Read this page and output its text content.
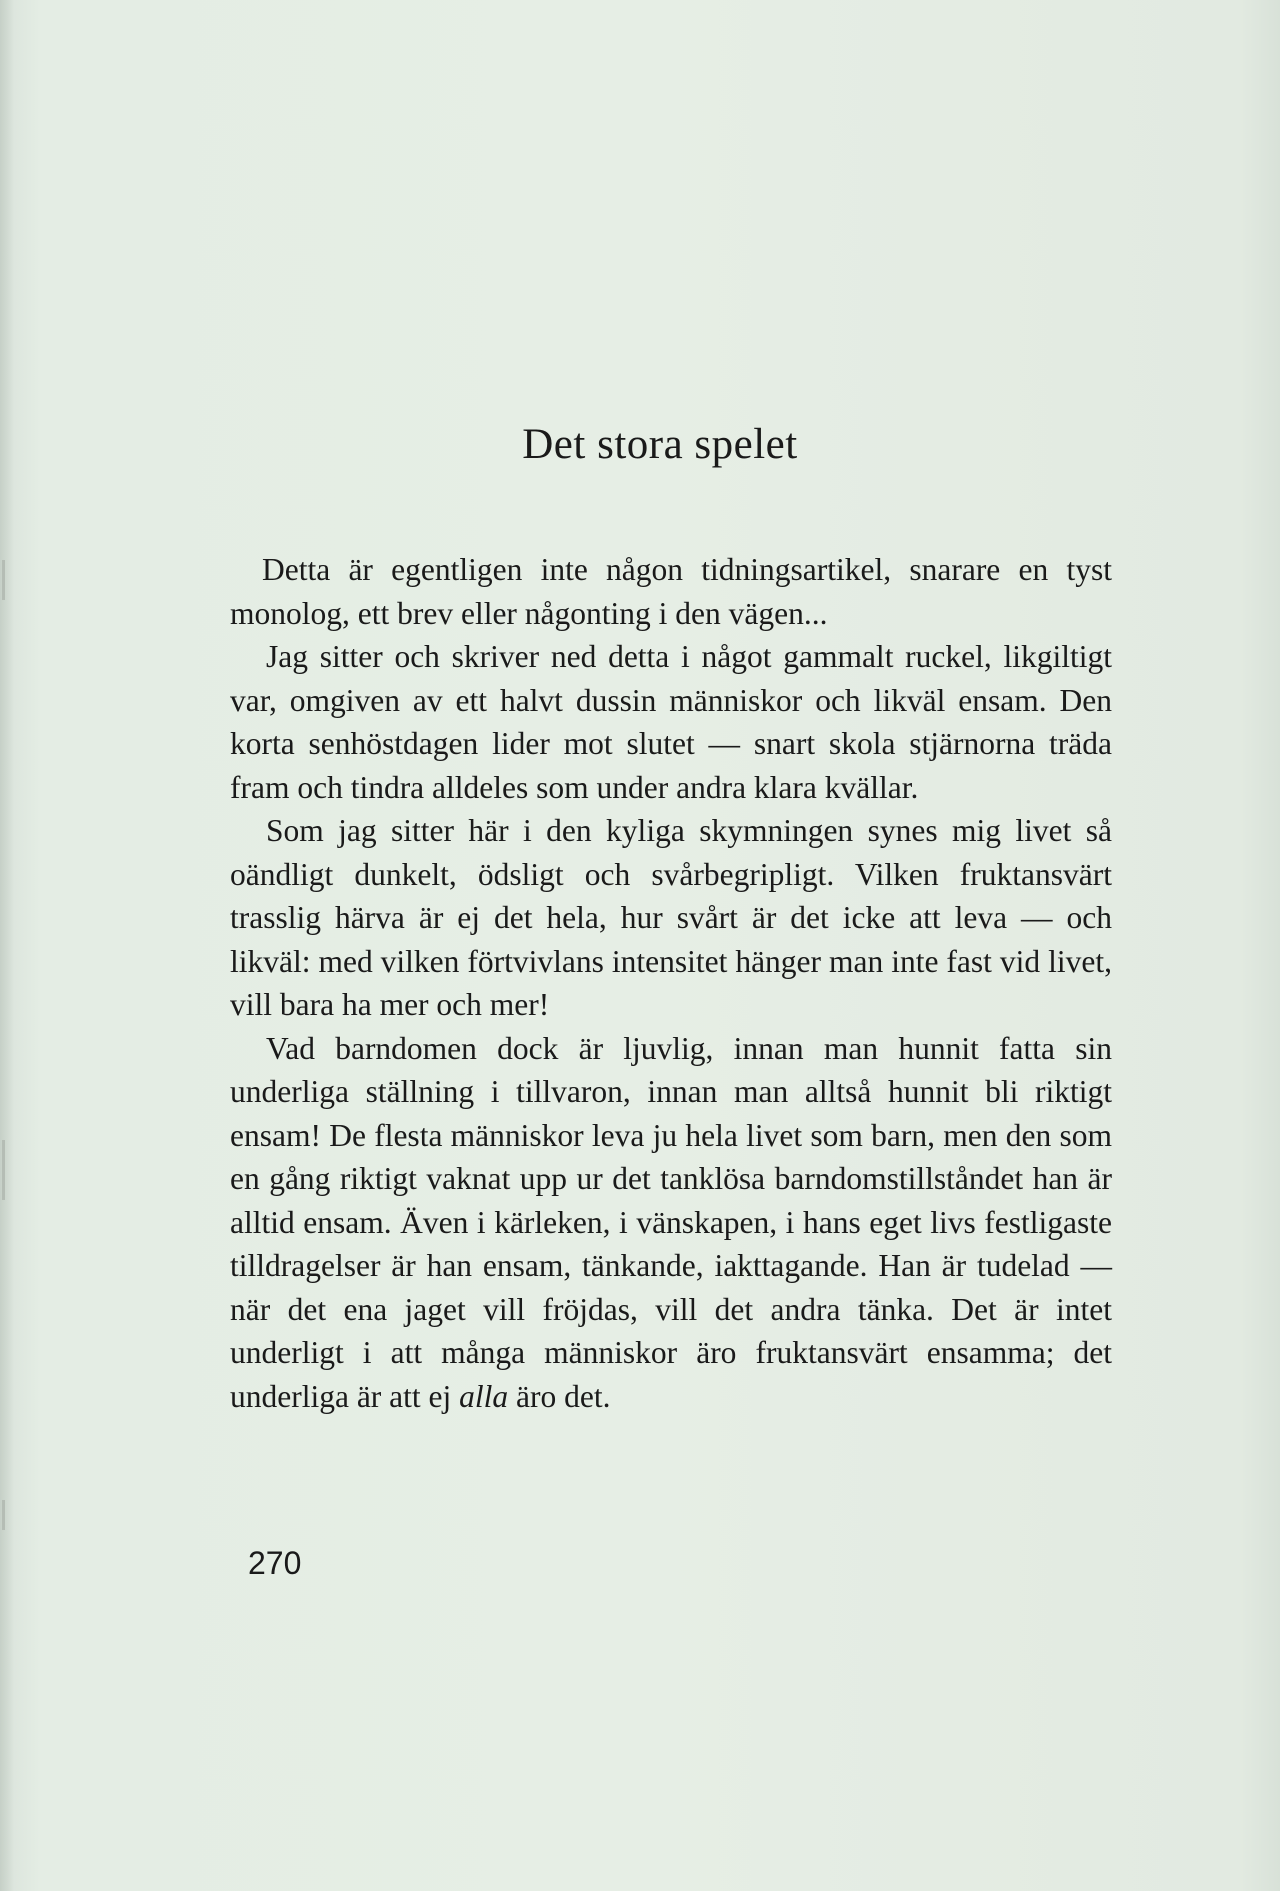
Det stora spelet

Detta är egentligen inte någon tidningsartikel, snarare en tyst monolog, ett brev eller någonting i den vägen...

Jag sitter och skriver ned detta i något gammalt ruckel, likgiltigt var, omgiven av ett halvt dussin människor och likväl ensam. Den korta senhöstdagen lider mot slutet — snart skola stjärnorna träda fram och tindra alldeles som under andra klara kvällar.

Som jag sitter här i den kyliga skymningen synes mig livet så oändligt dunkelt, ödsligt och svårbegripligt. Vilken fruktansvärt trasslig härva är ej det hela, hur svårt är det icke att leva — och likväl: med vilken förtvivlans intensitet hänger man inte fast vid livet, vill bara ha mer och mer!

Vad barndomen dock är ljuvlig, innan man hunnit fatta sin underliga ställning i tillvaron, innan man alltså hunnit bli riktigt ensam! De flesta människor leva ju hela livet som barn, men den som en gång riktigt vaknat upp ur det tanklösa barndomstillståndet han är alltid ensam. Även i kärleken, i vänskapen, i hans eget livs festligaste tilldragelser är han ensam, tänkande, iakttagande. Han är tudelad — när det ena jaget vill fröjdas, vill det andra tänka. Det är intet underligt i att många människor äro fruktansvärt ensamma; det underliga är att ej alla äro det.

270
